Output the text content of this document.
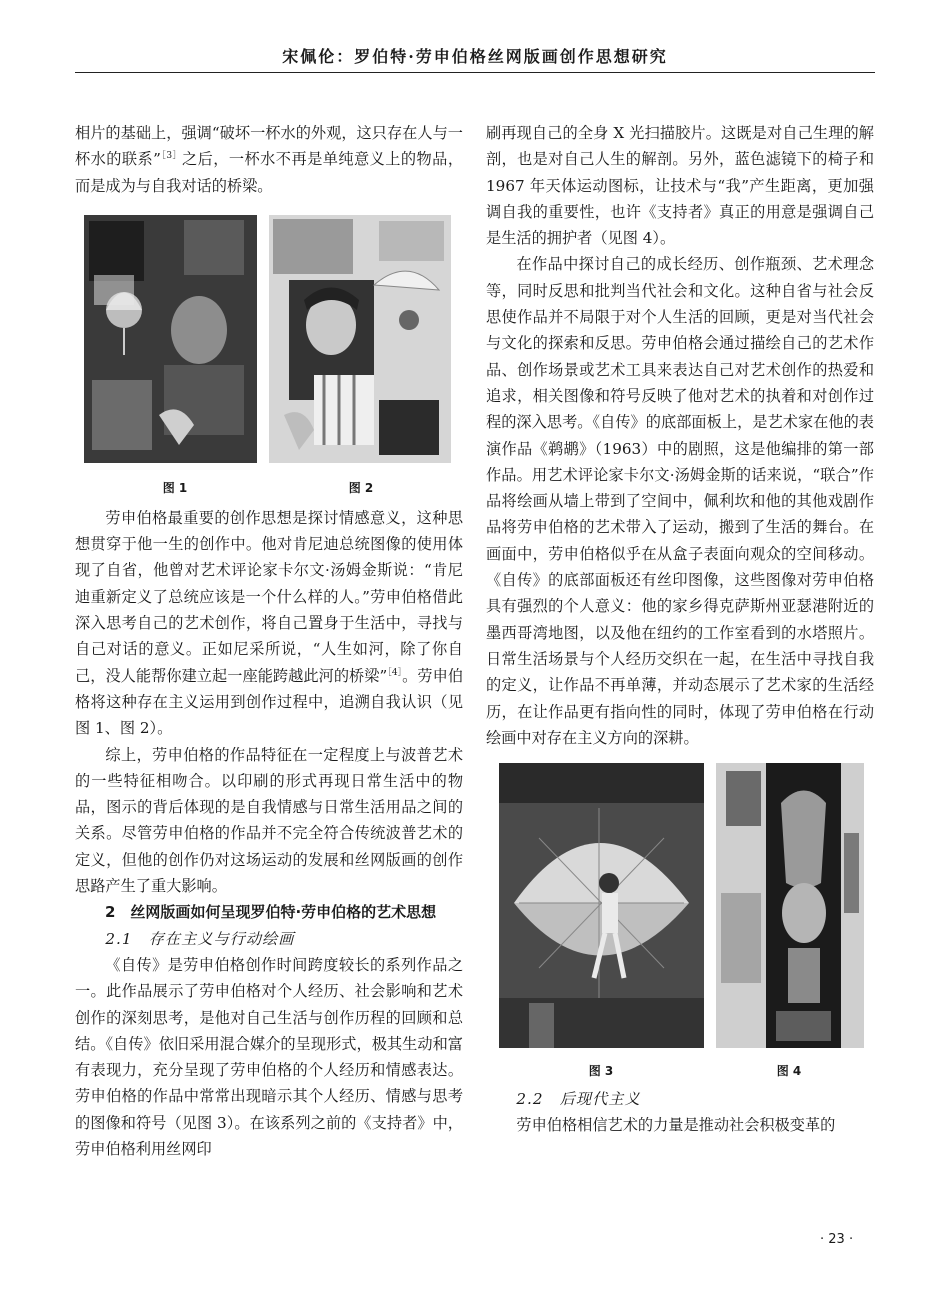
宋佩伦：罗伯特·劳申伯格丝网版画创作思想研究

相片的基础上，强调“破坏一杯水的外观，这只存在人与一杯水的联系”$^{[3]}$之后，一杯水不再是单纯意义上的物品，而是成为与自我对话的桥梁。

图 1	图 2

劳申伯格最重要的创作思想是探讨情感意义，这种思想贯穿于他一生的创作中。他对肯尼迪总统图像的使用体现了自省，他曾对艺术评论家卡尔文·汤姆金斯说：“肯尼迪重新定义了总统应该是一个什么样的人。”劳申伯格借此深入思考自己的艺术创作，将自己置身于生活中，寻找与自己对话的意义。正如尼采所说，“人生如河，除了你自己，没人能帮你建立起一座能跨越此河的桥梁”$^{[4]}$。劳申伯格将这种存在主义运用到创作过程中，追溯自我认识（见图 1、图 2）。

综上，劳申伯格的作品特征在一定程度上与波普艺术的一些特征相吻合。以印刷的形式再现日常生活中的物品，图示的背后体现的是自我情感与日常生活用品之间的关系。尽管劳申伯格的作品并不完全符合传统波普艺术的定义，但他的创作仍对这场运动的发展和丝网版画的创作思路产生了重大影响。

2　丝网版画如何呈现罗伯特·劳申伯格的艺术思想

2.1　存在主义与行动绘画

《自传》是劳申伯格创作时间跨度较长的系列作品之一。此作品展示了劳申伯格对个人经历、社会影响和艺术创作的深刻思考，是他对自己生活与创作历程的回顾和总结。《自传》依旧采用混合媒介的呈现形式，极其生动和富有表现力，充分呈现了劳申伯格的个人经历和情感表达。劳申伯格的作品中常常出现暗示其个人经历、情感与思考的图像和符号（见图 3）。在该系列之前的《支持者》中，劳申伯格利用丝网印

刷再现自己的全身 X 光扫描胶片。这既是对自己生理的解剖，也是对自己人生的解剖。另外，蓝色滤镜下的椅子和 1967 年天体运动图标，让技术与“我”产生距离，更加强调自我的重要性，也许《支持者》真正的用意是强调自己是生活的拥护者（见图 4）。

在作品中探讨自己的成长经历、创作瓶颈、艺术理念等，同时反思和批判当代社会和文化。这种自省与社会反思使作品并不局限于对个人生活的回顾，更是对当代社会与文化的探索和反思。劳申伯格会通过描绘自己的艺术作品、创作场景或艺术工具来表达自己对艺术创作的热爱和追求，相关图像和符号反映了他对艺术的执着和对创作过程的深入思考。《自传》的底部面板上，是艺术家在他的表演作品《鹈鹕》（1963）中的剧照，这是他编排的第一部作品。用艺术评论家卡尔文·汤姆金斯的话来说，“联合”作品将绘画从墙上带到了空间中，佩利坎和他的其他戏剧作品将劳申伯格的艺术带入了运动，搬到了生活的舞台。在画面中，劳申伯格似乎在从盒子表面向观众的空间移动。《自传》的底部面板还有丝印图像，这些图像对劳申伯格具有强烈的个人意义：他的家乡得克萨斯州亚瑟港附近的墨西哥湾地图，以及他在纽约的工作室看到的水塔照片。日常生活场景与个人经历交织在一起，在生活中寻找自我的定义，让作品不再单薄，并动态展示了艺术家的生活经历，在让作品更有指向性的同时，体现了劳申伯格在行动绘画中对存在主义方向的深耕。

图 3	图 4

2.2　后现代主义

劳申伯格相信艺术的力量是推动社会积极变革的

· 23 ·
